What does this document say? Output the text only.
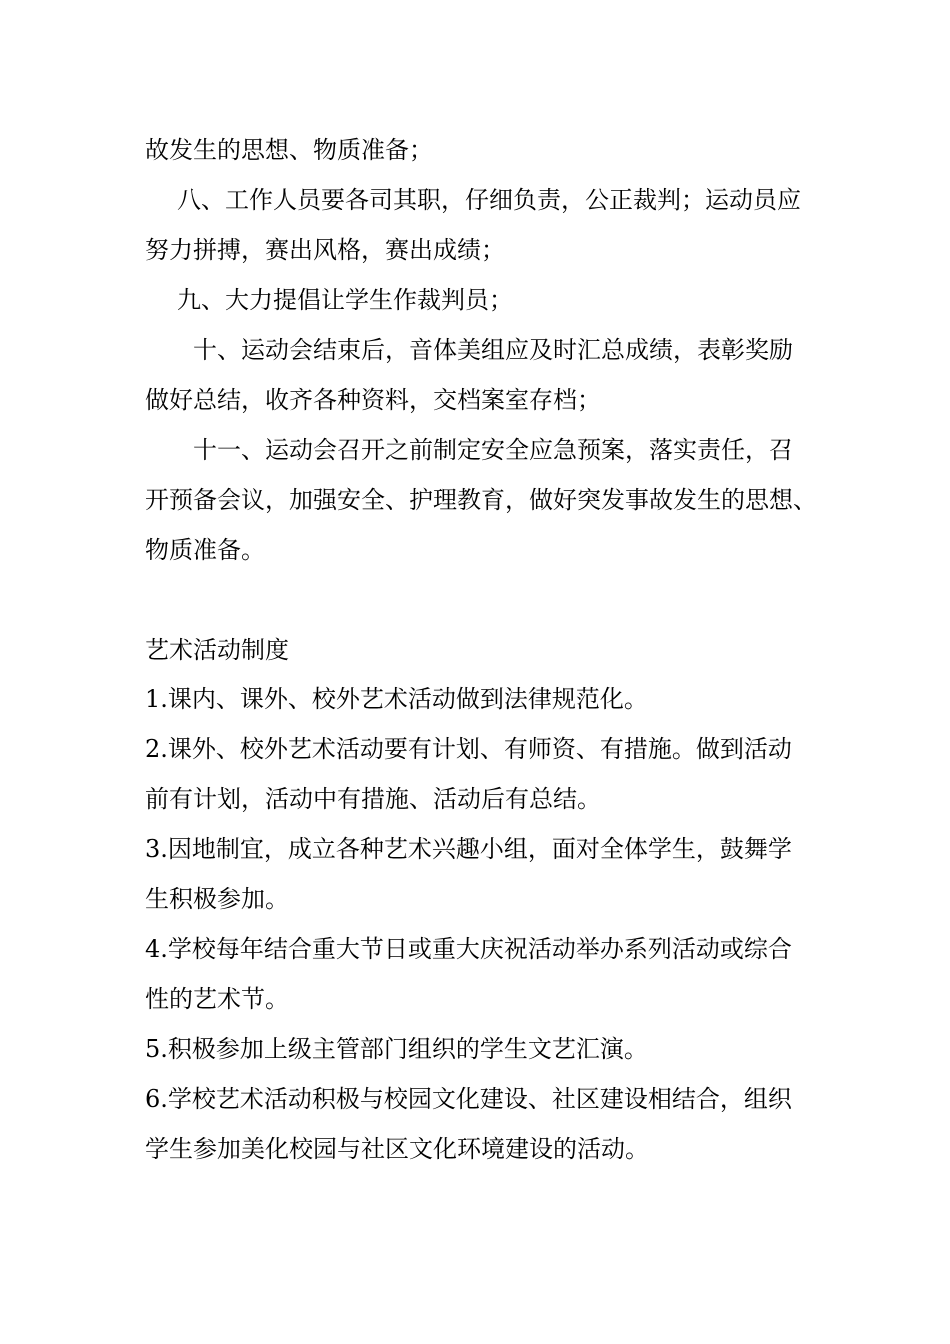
故发生的思想、物质准备；
八、工作人员要各司其职，仔细负责，公正裁判；运动员应
努力拼搏，赛出风格，赛出成绩；
九、大力提倡让学生作裁判员；
十、运动会结束后，音体美组应及时汇总成绩，表彰奖励
做好总结，收齐各种资料，交档案室存档；
十一、运动会召开之前制定安全应急预案，落实责任，召
开预备会议，加强安全、护理教育，做好突发事故发生的思想、
物质准备。
艺术活动制度
1.课内、课外、校外艺术活动做到法律规范化。
2.课外、校外艺术活动要有计划、有师资、有措施。做到活动
前有计划，活动中有措施、活动后有总结。
3.因地制宜，成立各种艺术兴趣小组，面对全体学生，鼓舞学
生积极参加。
4.学校每年结合重大节日或重大庆祝活动举办系列活动或综合
性的艺术节。
5.积极参加上级主管部门组织的学生文艺汇演。
6.学校艺术活动积极与校园文化建设、社区建设相结合，组织
学生参加美化校园与社区文化环境建设的活动。
